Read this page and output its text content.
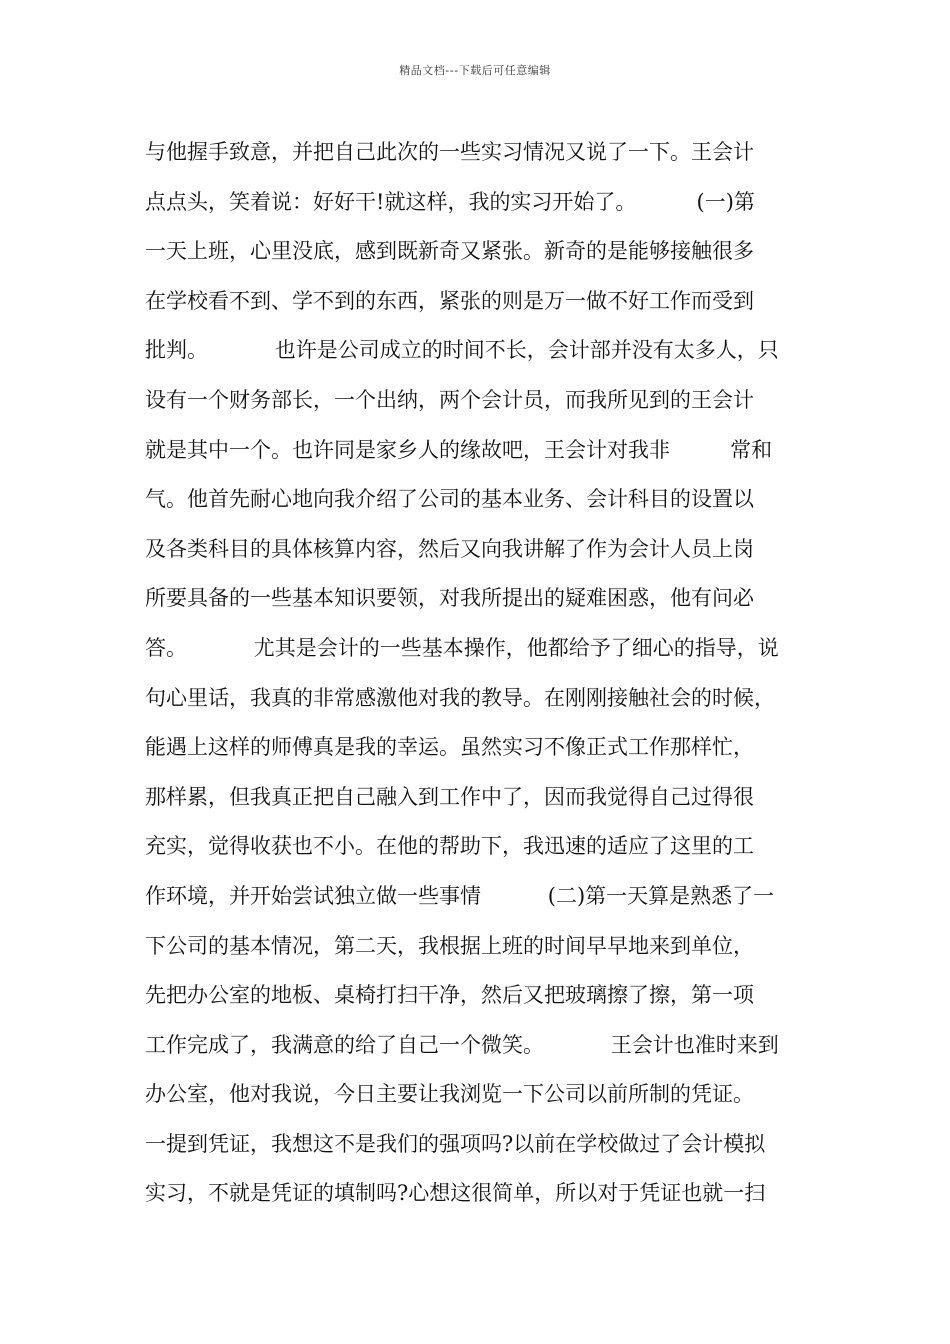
精品文档---下载后可任意编辑
与他握手致意，并把自己此次的一些实习情况又说了一下。王会计
点点头，笑着说：好好干!就这样，我的实习开始了。         (一)第
一天上班，心里没底，感到既新奇又紧张。新奇的是能够接触很多
在学校看不到、学不到的东西，紧张的则是万一做不好工作而受到
批判。          也许是公司成立的时间不长，会计部并没有太多人，只
设有一个财务部长，一个出纳，两个会计员，而我所见到的王会计
就是其中一个。也许同是家乡人的缘故吧，王会计对我非         常和
气。他首先耐心地向我介绍了公司的基本业务、会计科目的设置以
及各类科目的具体核算内容，然后又向我讲解了作为会计人员上岗
所要具备的一些基本知识要领，对我所提出的疑难困惑，他有问必
答。          尤其是会计的一些基本操作，他都给予了细心的指导，说
句心里话，我真的非常感激他对我的教导。在刚刚接触社会的时候，
能遇上这样的师傅真是我的幸运。虽然实习不像正式工作那样忙，
那样累，但我真正把自己融入到工作中了，因而我觉得自己过得很
充实，觉得收获也不小。在他的帮助下，我迅速的适应了这里的工
作环境，并开始尝试独立做一些事情          (二)第一天算是熟悉了一
下公司的基本情况，第二天，我根据上班的时间早早地来到单位，
先把办公室的地板、桌椅打扫干净，然后又把玻璃擦了擦，第一项
工作完成了，我满意的给了自己一个微笑。          王会计也准时来到
办公室，他对我说，今日主要让我浏览一下公司以前所制的凭证。
一提到凭证，我想这不是我们的强项吗?以前在学校做过了会计模拟
实习，不就是凭证的填制吗?心想这很简单，所以对于凭证也就一扫
